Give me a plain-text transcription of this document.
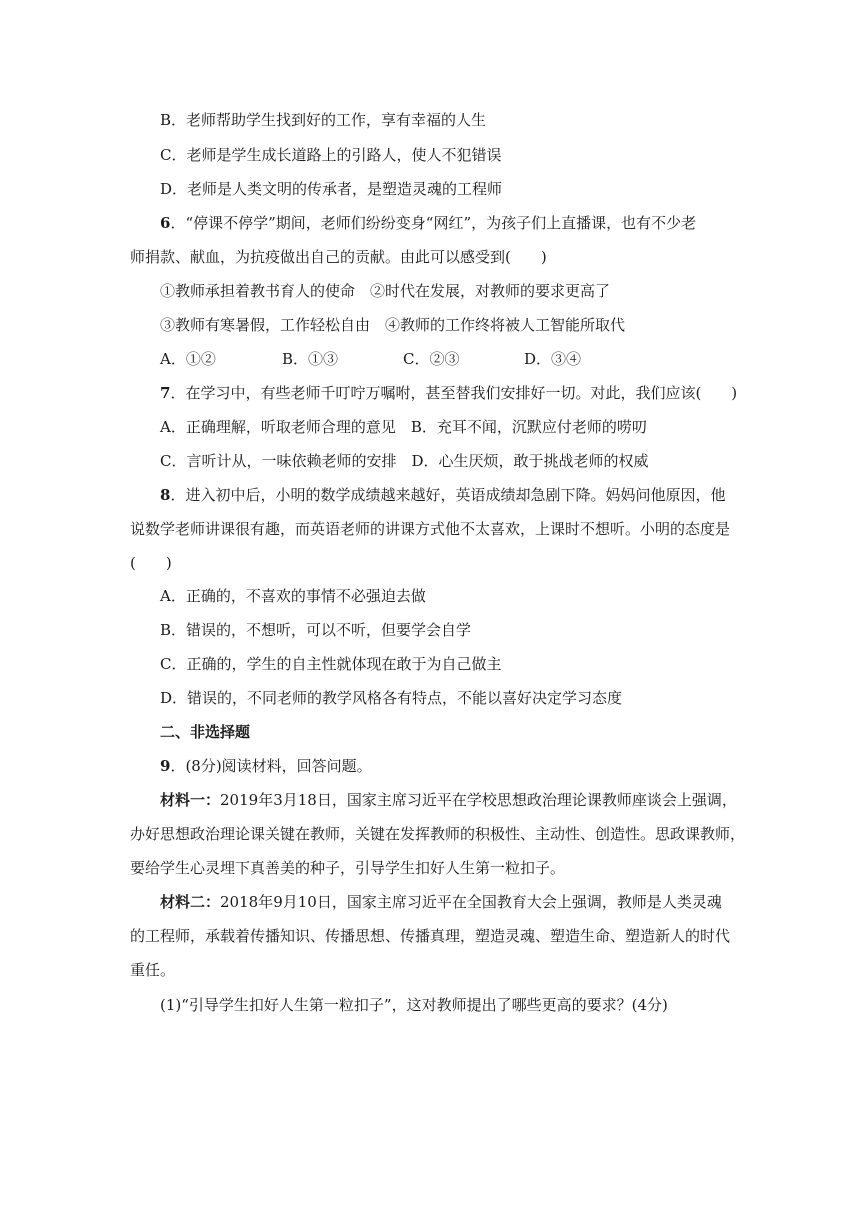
B．老师帮助学生找到好的工作，享有幸福的人生
C．老师是学生成长道路上的引路人，使人不犯错误
D．老师是人类文明的传承者，是塑造灵魂的工程师
6．“停课不停学”期间，老师们纷纷变身“网红”，为孩子们上直播课，也有不少老
师捐款、献血，为抗疫做出自己的贡献。由此可以感受到(　　)
①教师承担着教书育人的使命　②时代在发展，对教师的要求更高了
③教师有寒暑假，工作轻松自由　④教师的工作终将被人工智能所取代
A．①②	B．①③	C．②③	D．③④
7．在学习中，有些老师千叮咛万嘱咐，甚至替我们安排好一切。对此，我们应该(　　)
A．正确理解，听取老师合理的意见　B．充耳不闻，沉默应付老师的唠叨
C．言听计从，一味依赖老师的安排　D．心生厌烦，敢于挑战老师的权威
8．进入初中后，小明的数学成绩越来越好，英语成绩却急剧下降。妈妈问他原因，他
说数学老师讲课很有趣，而英语老师的讲课方式他不太喜欢，上课时不想听。小明的态度是
(　　)
A．正确的，不喜欢的事情不必强迫去做
B．错误的，不想听，可以不听，但要学会自学
C．正确的，学生的自主性就体现在敢于为自己做主
D．错误的，不同老师的教学风格各有特点，不能以喜好决定学习态度
二、非选择题
9．(8分)阅读材料，回答问题。
材料一：2019年3月18日，国家主席习近平在学校思想政治理论课教师座谈会上强调，
办好思想政治理论课关键在教师，关键在发挥教师的积极性、主动性、创造性。思政课教师，
要给学生心灵埋下真善美的种子，引导学生扣好人生第一粒扣子。
材料二：2018年9月10日，国家主席习近平在全国教育大会上强调，教师是人类灵魂
的工程师，承载着传播知识、传播思想、传播真理，塑造灵魂、塑造生命、塑造新人的时代
重任。
(1)“引导学生扣好人生第一粒扣子”，这对教师提出了哪些更高的要求？(4分)
